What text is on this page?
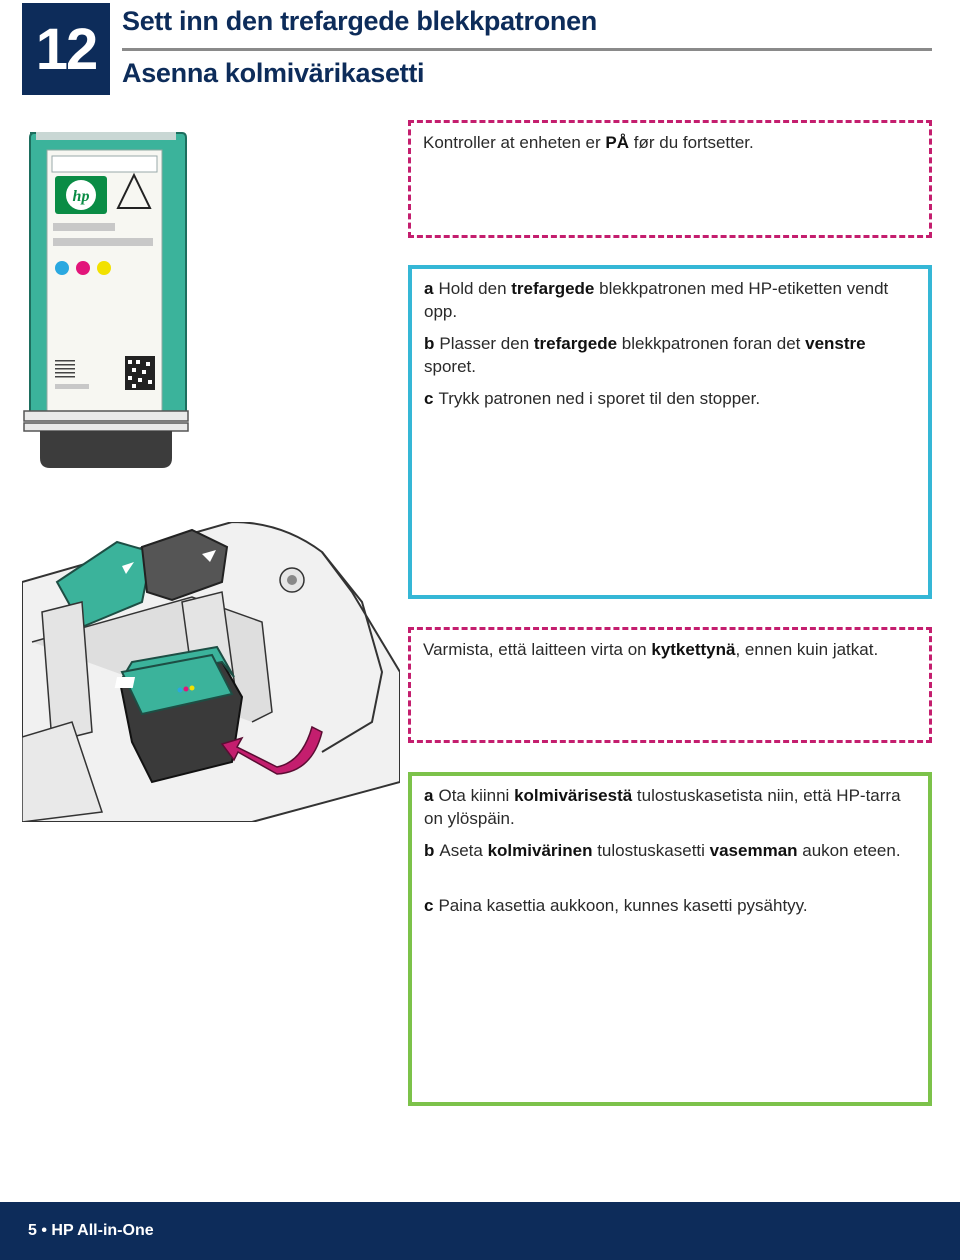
12 Sett inn den trefargede blekkpatronen
Asenna kolmivärikasetti
hp
Kontroller at enheten er PÅ før du fortsetter.
a Hold den trefargede blekkpatronen med HP-etiketten vendt opp.
b Plasser den trefargede blekkpatronen foran det venstre sporet.
c Trykk patronen ned i sporet til den stopper.
Varmista, että laitteen virta on kytkettynä, ennen kuin jatkat.
a Ota kiinni kolmivärisestä tulostuskasetista niin, että HP-tarra on ylöspäin.
b Aseta kolmivärinen tulostuskasetti vasemman aukon eteen.
c Paina kasettia aukkoon, kunnes kasetti pysähtyy.
5 • HP All-in-One
